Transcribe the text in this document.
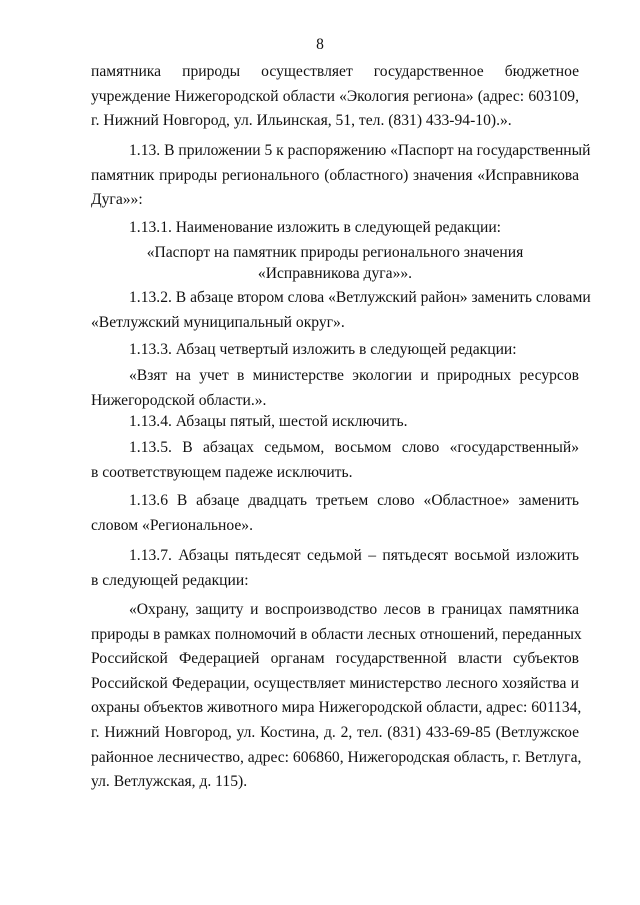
8
памятника природы осуществляет государственное бюджетное
учреждение Нижегородской области «Экология региона» (адрес: 603109,
г. Нижний Новгород, ул. Ильинская, 51, тел. (831) 433-94-10).».
1.13. В приложении 5 к распоряжению «Паспорт на государственный
памятник природы регионального (областного) значения «Исправникова
Дуга»»:
1.13.1. Наименование изложить в следующей редакции:
«Паспорт на памятник природы регионального значения
«Исправникова дуга»».
1.13.2. В абзаце втором слова «Ветлужский район» заменить словами
«Ветлужский муниципальный округ».
1.13.3. Абзац четвертый изложить в следующей редакции:
«Взят на учет в министерстве экологии и природных ресурсов
Нижегородской области.».
1.13.4. Абзацы пятый, шестой исключить.
1.13.5. В абзацах седьмом, восьмом слово «государственный»
в соответствующем падеже исключить.
1.13.6 В абзаце двадцать третьем слово «Областное» заменить
словом «Региональное».
1.13.7. Абзацы пятьдесят седьмой – пятьдесят восьмой изложить
в следующей редакции:
«Охрану, защиту и воспроизводство лесов в границах памятника
природы в рамках полномочий в области лесных отношений, переданных
Российской Федерацией органам государственной власти субъектов
Российской Федерации, осуществляет министерство лесного хозяйства и
охраны объектов животного мира Нижегородской области, адрес: 601134,
г. Нижний Новгород, ул. Костина, д. 2, тел. (831) 433-69-85 (Ветлужское
районное лесничество, адрес: 606860, Нижегородская область, г. Ветлуга,
ул. Ветлужская, д. 115).
